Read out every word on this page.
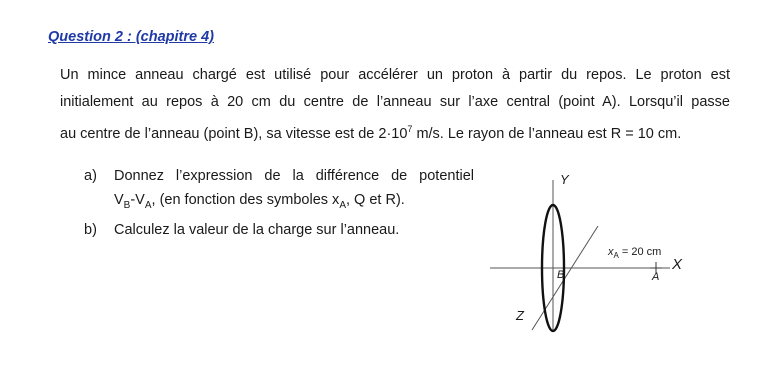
Question 2 : (chapitre 4)
Un mince anneau chargé est utilisé pour accélérer un proton à partir du repos. Le proton est
initialement au repos à 20 cm du centre de l’anneau sur l’axe central (point A). Lorsqu’il passe
au centre de l’anneau (point B), sa vitesse est de $2\cdot 10^7$ m/s. Le rayon de l’anneau est R = 10 cm.
a) Donnez l’expression de la différence de potentiel
$V_B-V_A$, (en fonction des symboles $x_A$, Q et R).
b) Calculez la valeur de la charge sur l’anneau.
Y
X
Z
B	A
$x_A = 20$ cm
